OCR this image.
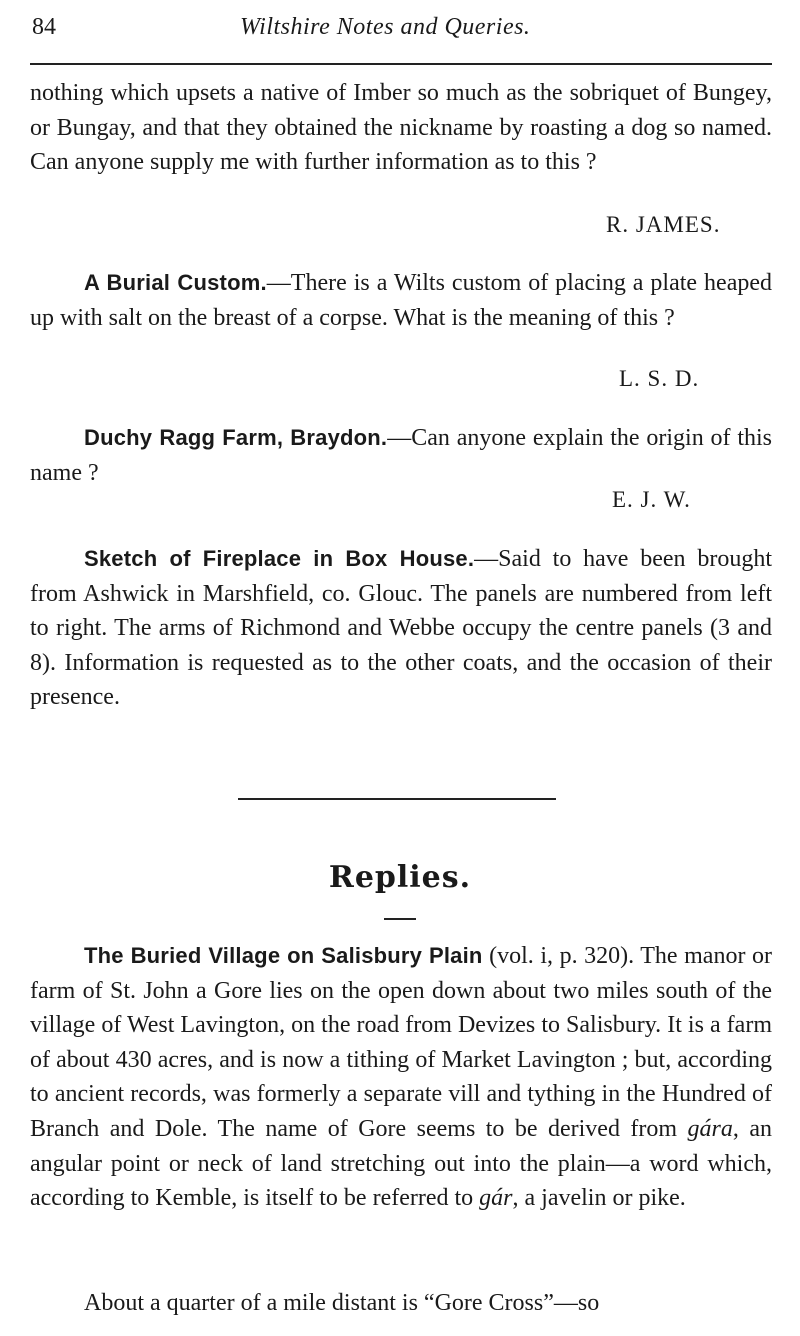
84	Wiltshire Notes and Queries.

nothing which upsets a native of Imber so much as the sobriquet of Bungey, or Bungay, and that they obtained the nickname by roasting a dog so named. Can anyone supply me with further information as to this ?

R. JAMES.

A Burial Custom.—There is a Wilts custom of placing a plate heaped up with salt on the breast of a corpse. What is the meaning of this ?

L. S. D.

Duchy Ragg Farm, Braydon.—Can anyone explain the origin of this name ?

E. J. W.

Sketch of Fireplace in Box House.—Said to have been brought from Ashwick in Marshfield, co. Glouc. The panels are numbered from left to right. The arms of Richmond and Webbe occupy the centre panels (3 and 8). Information is requested as to the other coats, and the occasion of their presence.

Replies.

The Buried Village on Salisbury Plain (vol. i, p. 320). The manor or farm of St. John a Gore lies on the open down about two miles south of the village of West Lavington, on the road from Devizes to Salisbury. It is a farm of about 430 acres, and is now a tithing of Market Lavington ; but, according to ancient records, was formerly a separate vill and tything in the Hundred of Branch and Dole. The name of Gore seems to be derived from gára, an angular point or neck of land stretching out into the plain—a word which, according to Kemble, is itself to be referred to gár, a javelin or pike.

About a quarter of a mile distant is “Gore Cross”—so
